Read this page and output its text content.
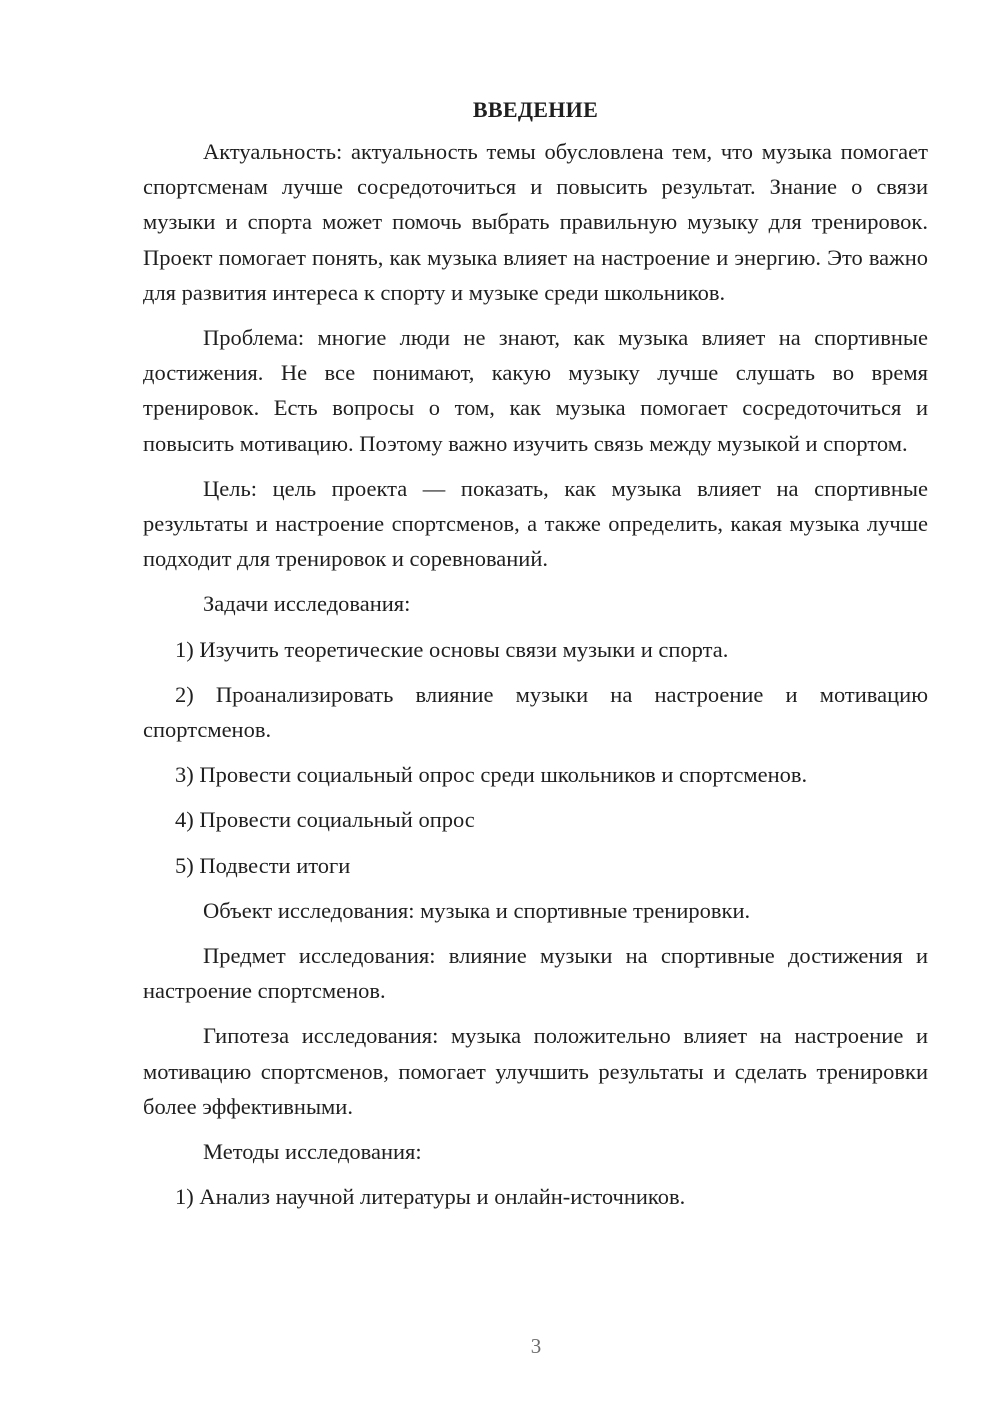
ВВЕДЕНИЕ

Актуальность: актуальность темы обусловлена тем, что музыка помогает спортсменам лучше сосредоточиться и повысить результат. Знание о связи музыки и спорта может помочь выбрать правильную музыку для тренировок. Проект помогает понять, как музыка влияет на настроение и энергию. Это важно для развития интереса к спорту и музыке среди школьников.

Проблема: многие люди не знают, как музыка влияет на спортивные достижения. Не все понимают, какую музыку лучше слушать во время тренировок. Есть вопросы о том, как музыка помогает сосредоточиться и повысить мотивацию. Поэтому важно изучить связь между музыкой и спортом.

Цель: цель проекта — показать, как музыка влияет на спортивные результаты и настроение спортсменов, а также определить, какая музыка лучше подходит для тренировок и соревнований.

Задачи исследования:

1) Изучить теоретические основы связи музыки и спорта.

2) Проанализировать влияние музыки на настроение и мотивацию спортсменов.

3) Провести социальный опрос среди школьников и спортсменов.

4) Провести социальный опрос

5) Подвести итоги

Объект исследования: музыка и спортивные тренировки.

Предмет исследования: влияние музыки на спортивные достижения и настроение спортсменов.

Гипотеза исследования: музыка положительно влияет на настроение и мотивацию спортсменов, помогает улучшить результаты и сделать тренировки более эффективными.

Методы исследования:

1) Анализ научной литературы и онлайн-источников.

3
